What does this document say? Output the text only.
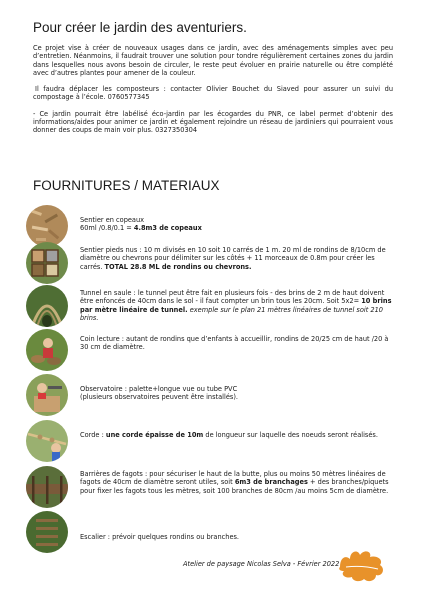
Pour créer le jardin des aventuriers.

Ce projet vise à créer de nouveaux usages dans ce jardin, avec des aménagements simples avec peu d’entretien. Néanmoins, il faudrait trouver une solution pour tondre régulièrement certaines zones du jardin dans lesquelles nous avons besoin de circuler, le reste peut évoluer en prairie naturelle ou être complété avec d’autres plantes pour amener de la couleur.

Il faudra déplacer les composteurs : contacter Olivier Bouchet du Siaved pour assurer un suivi du compostage à l’école. 0760577345

- Ce jardin pourrait être labélisé éco-jardin par les écogardes du PNR, ce label permet d’obtenir des informations/aides pour animer ce jardin et également rejoindre un réseau de jardiniers qui pourraient vous donner des coups de main voir plus. 0327350304

FOURNITURES / MATERIAUX
Sentier en copeaux
60ml /0.8/0.1 = 4.8m3 de copeaux
Sentier pieds nus : 10 m divisés en 10 soit 10 carrés de 1 m. 20 ml de rondins de 8/10cm de diamètre ou chevrons pour délimiter sur les côtés + 11 morceaux de 0.8m pour créer les carrés. TOTAL 28.8 ML de rondins ou chevrons.
Tunnel en saule : le tunnel peut être fait en plusieurs fois - des brins de 2 m de haut doivent être enfoncés de 40cm dans le sol - il faut compter un brin tous les 20cm. Soit 5x2= 10 brins par mètre linéaire de tunnel. exemple sur le plan 21 mètres linéaires de tunnel soit 210 brins.
Coin lecture : autant de rondins que d’enfants à accueillir, rondins de 20/25 cm de haut /20 à 30 cm de diamètre.
Observatoire : palette+longue vue ou tube PVC
(plusieurs observatoires peuvent être installés).
Corde : une corde épaisse de 10m de longueur sur laquelle des noeuds seront réalisés.
Barrières de fagots : pour sécuriser le haut de la butte, plus ou moins 50 mètres linéaires de fagots de 40cm de diamètre seront utiles, soit 6m3 de branchages + des branches/piquets pour fixer les fagots tous les mètres, soit 100 branches de 80cm /au moins 5cm de diamètre.
Escalier : prévoir quelques rondins ou branches.
Atelier de paysage Nicolas Selva - Février 2022
